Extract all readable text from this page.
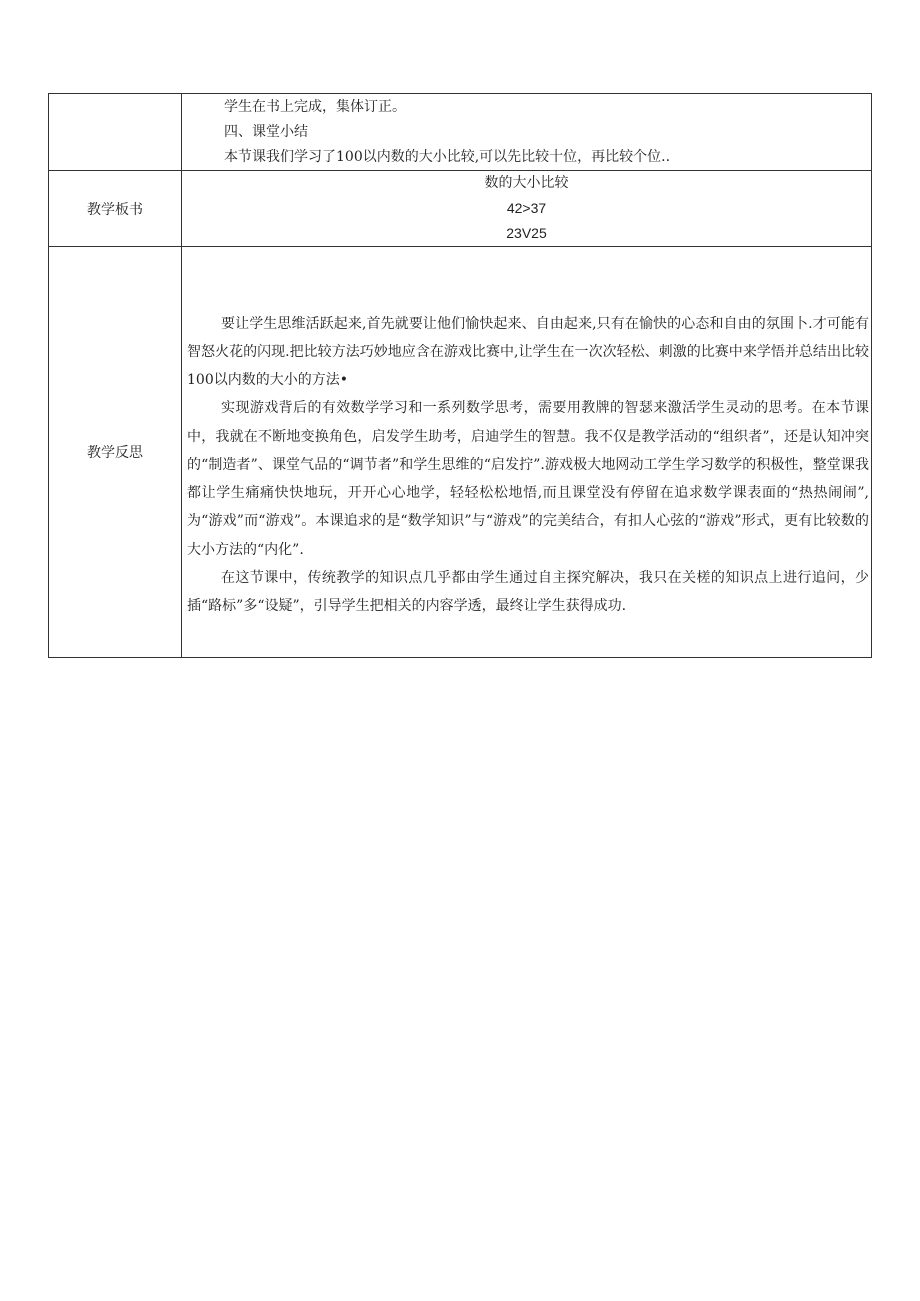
	学生在书上完成，集体订正。

四、课堂小结

本节课我们学习了100以内数的大小比较,可以先比较十位，再比较个位..

教学板书	数的大小比较
42>37
23V25

教学反思	要让学生思维活跃起来,首先就要让他们愉快起来、自由起来,只有在愉快的心态和自由的氛围卜.才可能有智怒火花的闪现.把比较方法巧妙地应含在游戏比赛中,让学生在一次次轻松、刺激的比赛中来学悟并总结出比较100以内数的大小的方法•

实现游戏背后的有效数学学习和一系列数学思考，需要用教牌的智瑟来激活学生灵动的思考。在本节课中，我就在不断地变换角色，启发学生助考，启迪学生的智慧。我不仅是教学活动的“组织者”，还是认知冲突的“制造者”、课堂气品的“调节者”和学生思维的“启发拧”.游戏极大地网动工学生学习数学的积极性，整堂课我都让学生痛痛快快地玩，开开心心地学，轻轻松松地悟,而且课堂没有停留在追求数学课表面的“热热闹闹”,为“游戏”而“游戏”。本课追求的是“数学知识”与“游戏”的完美结合，有扣人心弦的“游戏”形式，更有比较数的大小方法的“内化”.

在这节课中，传统教学的知识点几乎都由学生通过自主探究解决，我只在关槎的知识点上进行追问，少插“路标”多“设疑”，引导学生把相关的内容学透，最终让学生获得成功.
